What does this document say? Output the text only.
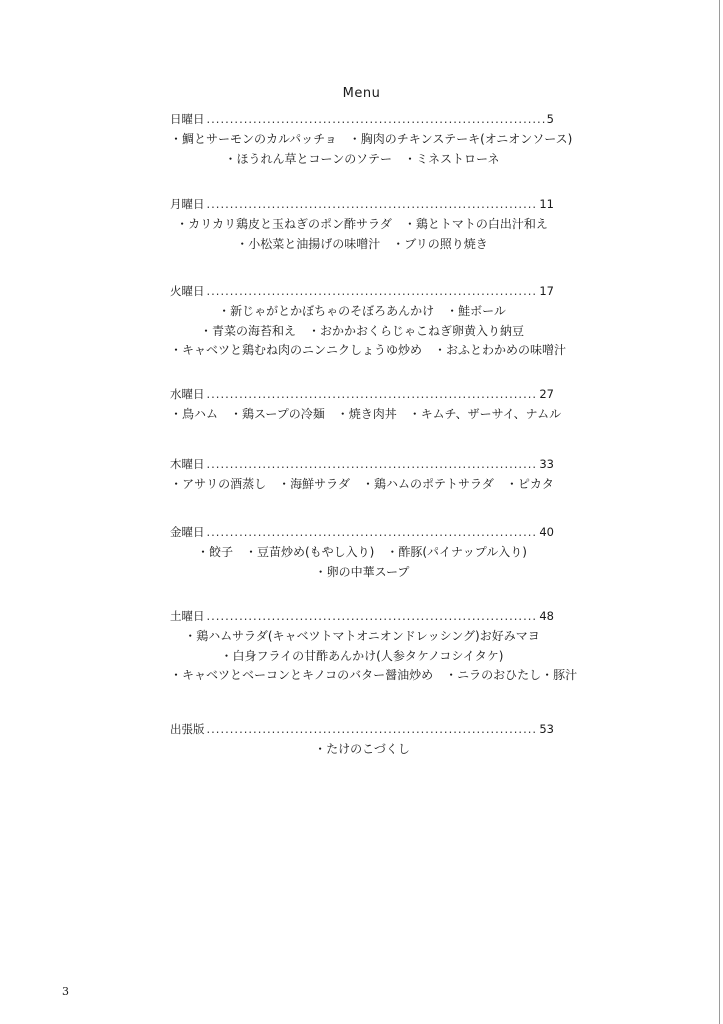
Menu
日曜日 .....	5
・鯛とサーモンのカルパッチョ　・胸肉のチキンステーキ(オニオンソース)
・ほうれん草とコーンのソテー　・ミネストローネ
月曜日 .....	11
・カリカリ鶏皮と玉ねぎのポン酢サラダ　・鶏とトマトの白出汁和え
・小松菜と油揚げの味噌汁　・ブリの照り焼き
火曜日 .....	17
・新じゃがとかぼちゃのそぼろあんかけ　・鮭ボール
・青菜の海苔和え　・おかかおくらじゃこねぎ卵黄入り納豆
・キャベツと鶏むね肉のニンニクしょうゆ炒め　・おふとわかめの味噌汁
水曜日 .....	27
・鳥ハム　・鶏スープの冷麺　・焼き肉丼　・キムチ、ザーサイ、ナムル
木曜日 .....	33
・アサリの酒蒸し　・海鮮サラダ　・鶏ハムのポテトサラダ　・ピカタ
金曜日 .....	40
・餃子　・豆苗炒め(もやし入り)　・酢豚(パイナップル入り)
・卵の中華スープ
土曜日 .....	48
・鶏ハムサラダ(キャベツトマトオニオンドレッシング)お好みマヨ
・白身フライの甘酢あんかけ(人参タケノコシイタケ)
・キャベツとベーコンとキノコのバター醤油炒め　・ニラのおひたし・豚汁
出張版 .....	53
・たけのこづくし
3
